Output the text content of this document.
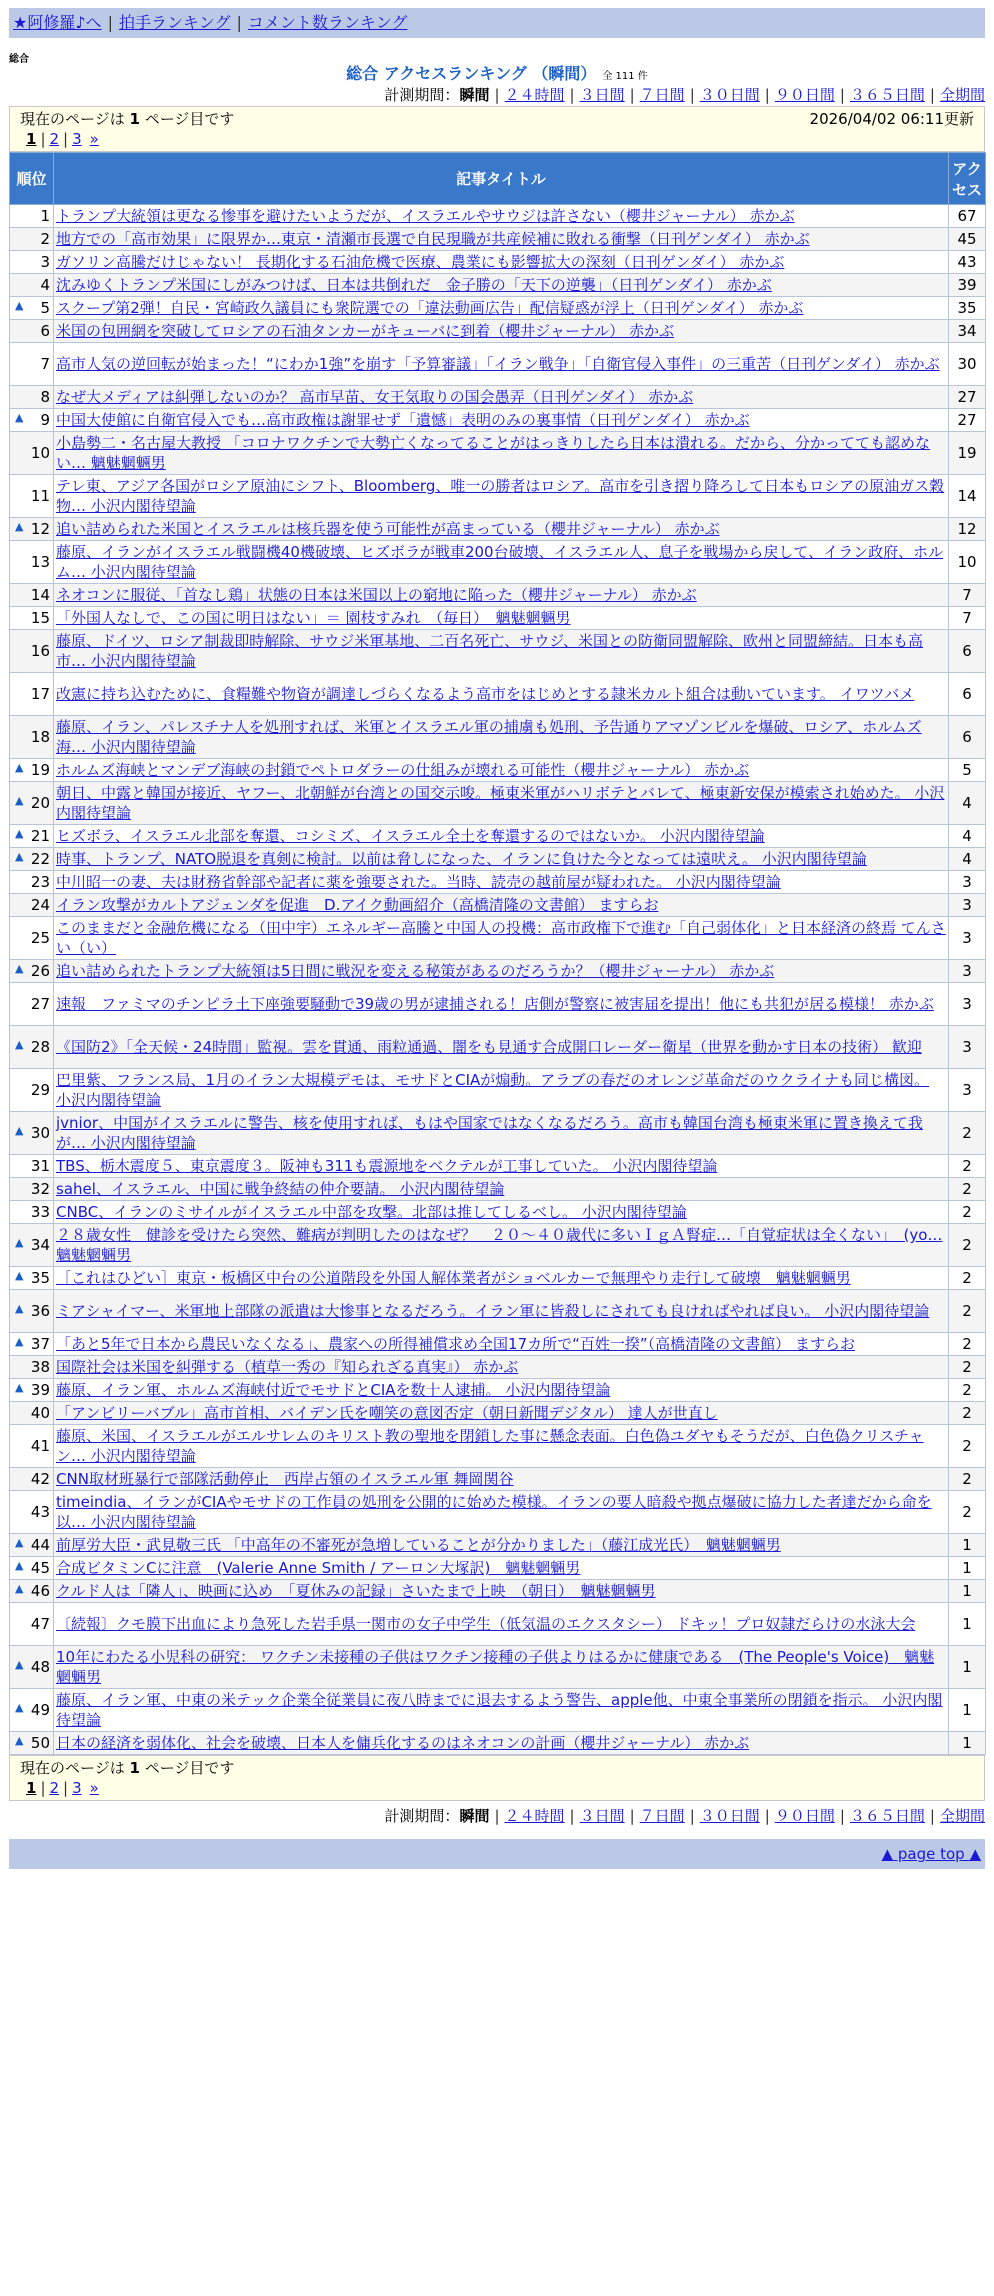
★阿修羅♪へ | 拍手ランキング | コメント数ランキング
総合
総合 アクセスランキング （瞬間） 全 111 件
計測期間：瞬間 | ２４時間 | ３日間 | ７日間 | ３０日間 | ９０日間 | ３６５日間 | 全期間
現在のページは 1 ページ目です	2026/04/02 06:11更新
1 | 2 | 3 »
順位	記事タイトル	アクセス
1	トランプ大統領は更なる惨事を避けたいようだが、イスラエルやサウジは許さない（櫻井ジャーナル） 赤かぶ	67
2	地方での「高市効果」に限界か…東京・清瀬市長選で自民現職が共産候補に敗れる衝撃（日刊ゲンダイ） 赤かぶ	45
3	ガソリン高騰だけじゃない！ 長期化する石油危機で医療、農業にも影響拡大の深刻（日刊ゲンダイ） 赤かぶ	43
4	沈みゆくトランプ米国にしがみつけば、日本は共倒れだ　金子勝の「天下の逆襲」（日刊ゲンダイ） 赤かぶ	39

▲ 5	スクープ第2弾！自民・宮崎政久議員にも衆院選での「違法動画広告」配信疑惑が浮上（日刊ゲンダイ） 赤かぶ	35
6	米国の包囲網を突破してロシアの石油タンカーがキューバに到着（櫻井ジャーナル） 赤かぶ	34
7	高市人気の逆回転が始まった！“にわか1強”を崩す「予算審議」「イラン戦争」「自衛官侵入事件」の三重苦（日刊ゲンダイ） 赤かぶ	30
8	なぜ大メディアは糾弾しないのか？ 高市早苗、女王気取りの国会愚弄（日刊ゲンダイ） 赤かぶ	27

▲ 9	中国大使館に自衛官侵入でも…高市政権は謝罪せず「遺憾」表明のみの裏事情（日刊ゲンダイ） 赤かぶ	27
10	小島勢二・名古屋大教授 「コロナワクチンで大勢亡くなってることがはっきりしたら日本は潰れる。だから、分かってても認めない… 魑魅魍魎男	19
11	テレ東、アジア各国がロシア原油にシフト、Bloomberg、唯一の勝者はロシア。高市を引き摺り降ろして日本もロシアの原油ガス穀物… 小沢内閣待望論	14

▲ 12	追い詰められた米国とイスラエルは核兵器を使う可能性が高まっている（櫻井ジャーナル） 赤かぶ	12
13	藤原、イランがイスラエル戦闘機40機破壊、ヒズボラが戦車200台破壊、イスラエル人、息子を戦場から戻して、イラン政府、ホルム… 小沢内閣待望論	10
14	ネオコンに服従、「首なし鶏」状態の日本は米国以上の窮地に陥った（櫻井ジャーナル） 赤かぶ	7
15	「外国人なしで、この国に明日はない」＝ 園枝すみれ　（毎日）　魑魅魍魎男	7
16	藤原、ドイツ、ロシア制裁即時解除、サウジ米軍基地、二百名死亡、サウジ、米国との防衛同盟解除、欧州と同盟締結。日本も高市… 小沢内閣待望論	6
17	改憲に持ち込むために、食糧難や物資が調達しづらくなるよう高市をはじめとする隷米カルト組合は動いています。 イワツバメ	6
18	藤原、イラン、パレスチナ人を処刑すれば、米軍とイスラエル軍の捕虜も処刑、予告通りアマゾンビルを爆破、ロシア、ホルムズ海… 小沢内閣待望論	6

▲ 19	ホルムズ海峡とマンデブ海峡の封鎖でペトロダラーの仕組みが壊れる可能性（櫻井ジャーナル） 赤かぶ	5

▲ 20	朝日、中露と韓国が接近、ヤフー、北朝鮮が台湾との国交示唆。極東米軍がハリボテとバレて、極東新安保が模索され始めた。 小沢内閣待望論	4

▲ 21	ヒズボラ、イスラエル北部を奪還、コシミズ、イスラエル全土を奪還するのではないか。 小沢内閣待望論	4

▲ 22	時事、トランプ、NATO脱退を真剣に検討。以前は脅しになった、イランに負けた今となっては遠吠え。 小沢内閣待望論	4
23	中川昭一の妻、夫は財務省幹部や記者に薬を強要された。当時、読売の越前屋が疑われた。 小沢内閣待望論	3
24	イラン攻撃がカルトアジェンダを促進　D.アイク動画紹介（高橋清隆の文書館） ますらお	3
25	このままだと金融危機になる（田中宇）エネルギー高騰と中国人の投機：高市政権下で進む「自己弱体化」と日本経済の終焉 てんさい（い）	3

▲ 26	追い詰められたトランプ大統領は5日間に戦況を変える秘策があるのだろうか？（櫻井ジャーナル） 赤かぶ	3
27	速報　ファミマのチンピラ土下座強要騒動で39歳の男が逮捕される！店側が警察に被害届を提出！他にも共犯が居る模様！ 赤かぶ	3

▲ 28	《国防2》「全天候・24時間」監視。雲を貫通、雨粒通過、闇をも見通す合成開口レーダー衛星（世界を動かす日本の技術） 歓迎	3
29	巴里紫、フランス局、1月のイラン大規模デモは、モサドとCIAが煽動。アラブの春だのオレンジ革命だのウクライナも同じ構図。 小沢内閣待望論	3

▲ 30	jvnior、中国がイスラエルに警告、核を使用すれば、もはや国家ではなくなるだろう。高市も韓国台湾も極東米軍に置き換えて我が… 小沢内閣待望論	2
31	TBS、栃木震度５、東京震度３。阪神も311も震源地をベクテルが工事していた。 小沢内閣待望論	2
32	sahel、イスラエル、中国に戦争終結の仲介要請。 小沢内閣待望論	2
33	CNBC、イランのミサイルがイスラエル中部を攻撃。北部は推してしるべし。 小沢内閣待望論	2

▲ 34	２８歳女性　健診を受けたら突然、難病が判明したのはなぜ？　２０～４０歳代に多いＩｇＡ腎症…「自覚症状は全くない」　(yo… 魑魅魍魎男	2

▲ 35	［これはひどい］東京・板橋区中台の公道階段を外国人解体業者がショベルカーで無理やり走行して破壊　魑魅魍魎男	2

▲ 36	ミアシャイマー、米軍地上部隊の派遣は大惨事となるだろう。イラン軍に皆殺しにされても良ければやれば良い。 小沢内閣待望論	2

▲ 37	「あと5年で日本から農民いなくなる」、農家への所得補償求め全国17カ所で“百姓一揆”（高橋清隆の文書館） ますらお	2
38	国際社会は米国を糾弾する（植草一秀の『知られざる真実』） 赤かぶ	2

▲ 39	藤原、イラン軍、ホルムズ海峡付近でモサドとCIAを数十人逮捕。 小沢内閣待望論	2
40	「アンビリーバブル」高市首相、バイデン氏を嘲笑の意図否定（朝日新聞デジタル） 達人が世直し	2
41	藤原、米国、イスラエルがエルサレムのキリスト教の聖地を閉鎖した事に懸念表面。白色偽ユダヤもそうだが、白色偽クリスチャン… 小沢内閣待望論	2
42	CNN取材班暴行で部隊活動停止　西岸占領のイスラエル軍 舞岡関谷	2
43	timeindia、イランがCIAやモサドの工作員の処刑を公開的に始めた模様。イランの要人暗殺や拠点爆破に協力した者達だから命を以… 小沢内閣待望論	2

▲ 44	前厚労大臣・武見敬三氏 「中高年の不審死が急増していることが分かりました」（藤江成光氏）　魑魅魍魎男	1

▲ 45	合成ビタミンCに注意　(Valerie Anne Smith / アーロン大塚訳)　魑魅魍魎男	1

▲ 46	クルド人は「隣人」、映画に込め　「夏休みの記録」さいたまで上映　（朝日）　魑魅魍魎男	1
47	〔続報〕クモ膜下出血により急死した岩手県一関市の女子中学生（低気温のエクスタシー） ドキッ！プロ奴隷だらけの水泳大会	1

▲ 48	10年にわたる小児科の研究： ワクチン未接種の子供はワクチン接種の子供よりはるかに健康である　(The People's Voice)　魑魅魍魎男	1

▲ 49	藤原、イラン軍、中東の米テック企業全従業員に夜八時までに退去するよう警告、apple他、中東全事業所の閉鎖を指示。 小沢内閣待望論	1

▲ 50	日本の経済を弱体化、社会を破壊、日本人を傭兵化するのはネオコンの計画（櫻井ジャーナル） 赤かぶ	1
現在のページは 1 ページ目です
1 | 2 | 3 »
計測期間：瞬間 | ２４時間 | ３日間 | ７日間 | ３０日間 | ９０日間 | ３６５日間 | 全期間
▲ page top ▲
